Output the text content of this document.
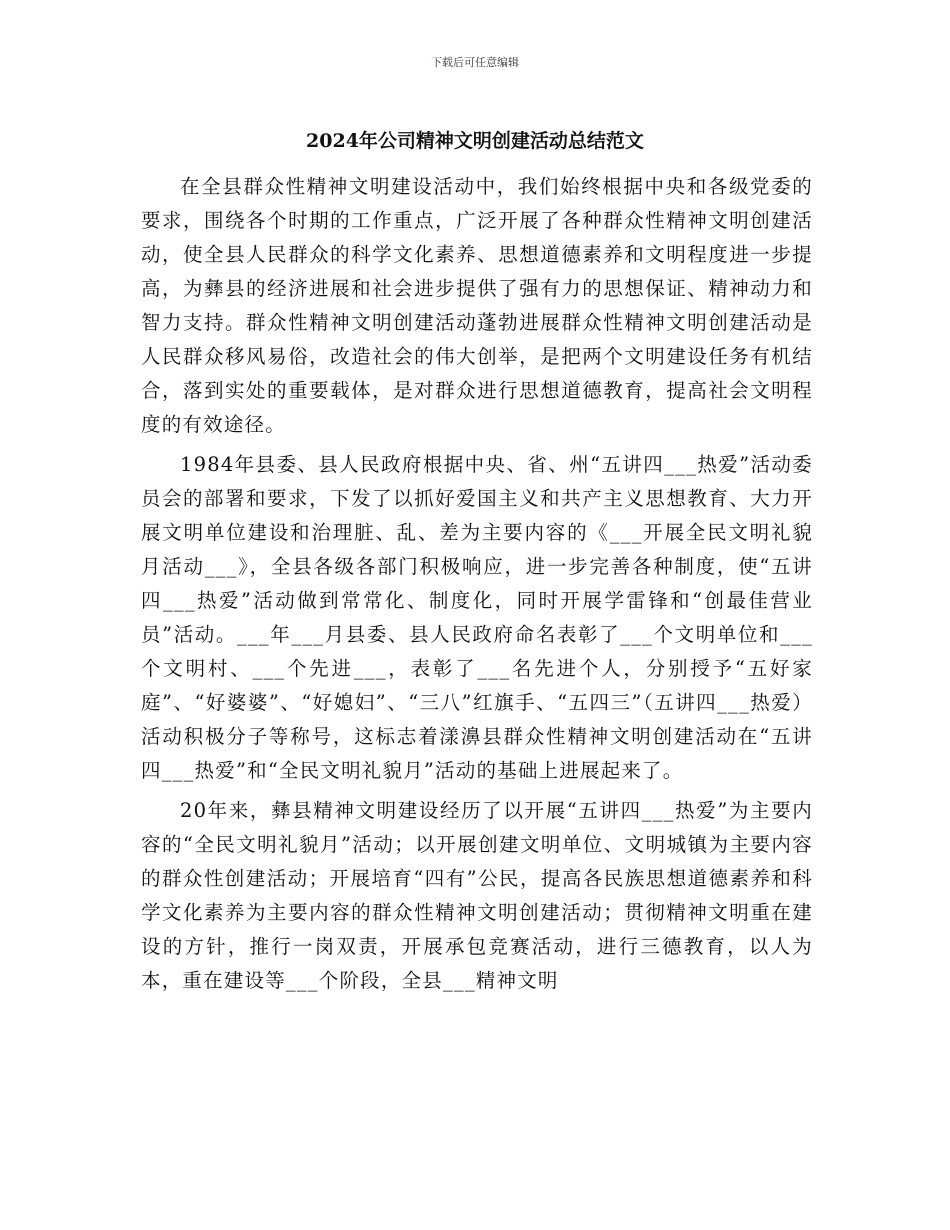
下载后可任意编辑
2024年公司精神文明创建活动总结范文

在全县群众性精神文明建设活动中，我们始终根据中央和各级党委的要求，围绕各个时期的工作重点，广泛开展了各种群众性精神文明创建活动，使全县人民群众的科学文化素养、思想道德素养和文明程度进一步提高，为彝县的经济进展和社会进步提供了强有力的思想保证、精神动力和智力支持。群众性精神文明创建活动蓬勃进展群众性精神文明创建活动是人民群众移风易俗，改造社会的伟大创举，是把两个文明建设任务有机结合，落到实处的重要载体，是对群众进行思想道德教育，提高社会文明程度的有效途径。

1984年县委、县人民政府根据中央、省、州“五讲四___热爱”活动委员会的部署和要求，下发了以抓好爱国主义和共产主义思想教育、大力开展文明单位建设和治理脏、乱、差为主要内容的《___开展全民文明礼貌月活动___》，全县各级各部门积极响应，进一步完善各种制度，使“五讲四___热爱”活动做到常常化、制度化，同时开展学雷锋和“创最佳营业员”活动。___年___月县委、县人民政府命名表彰了___个文明单位和___个文明村、___个先进___，表彰了___名先进个人，分别授予“五好家庭”、“好婆婆”、“好媳妇”、“三八”红旗手、“五四三”（五讲四___热爱）活动积极分子等称号，这标志着漾濞县群众性精神文明创建活动在“五讲四___热爱”和“全民文明礼貌月”活动的基础上进展起来了。

20年来，彝县精神文明建设经历了以开展“五讲四___热爱”为主要内容的“全民文明礼貌月”活动；以开展创建文明单位、文明城镇为主要内容的群众性创建活动；开展培育“四有”公民，提高各民族思想道德素养和科学文化素养为主要内容的群众性精神文明创建活动；贯彻精神文明重在建设的方针，推行一岗双责，开展承包竞赛活动，进行三德教育，以人为本，重在建设等___个阶段，全县___精神文明
